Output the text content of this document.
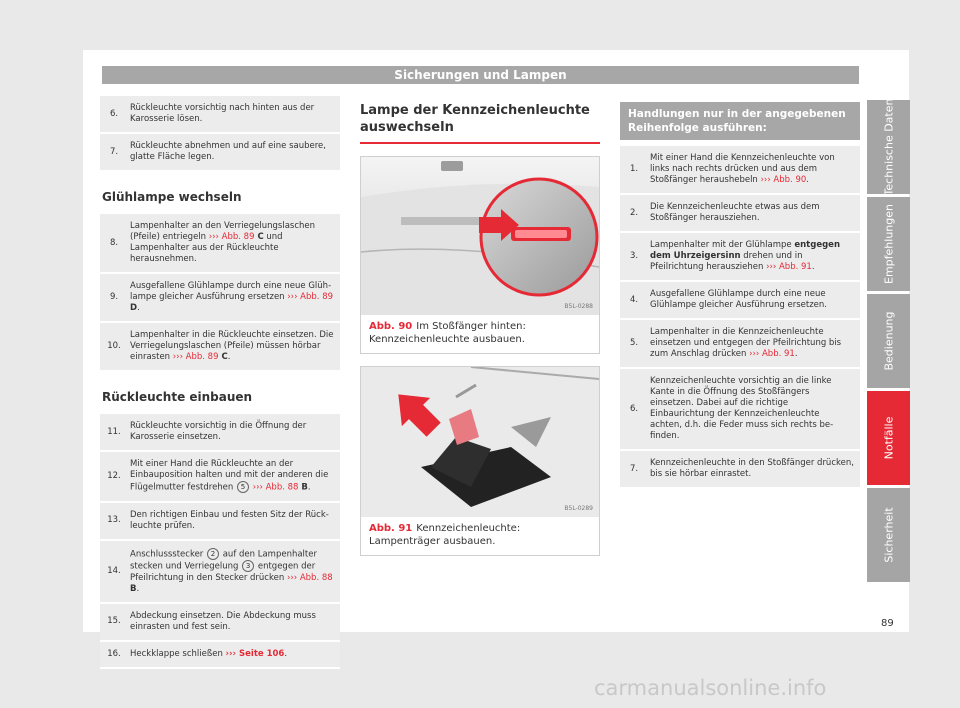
Sicherungen und Lampen
6.	Rückleuchte vorsichtig nach hinten aus der Karosserie lösen.
7.	Rückleuchte abnehmen und auf eine saubere, glatte Fläche legen.
Glühlampe wechseln
8.	Lampenhalter an den Verriegelungslaschen (Pfeile) entriegeln ››› Abb. 89 C und Lampenhalter aus der Rückleuchte herausnehmen.
9.	Ausgefallene Glühlampe durch eine neue Glühlampe gleicher Ausführung ersetzen ››› Abb. 89 D.
10.	Lampenhalter in die Rückleuchte einsetzen. Die Verriegelungslaschen (Pfeile) müssen hörbar einrasten ››› Abb. 89 C.
Rückleuchte einbauen
11.	Rückleuchte vorsichtig in die Öffnung der Karosserie einsetzen.
12.	Mit einer Hand die Rückleuchte an der Einbauposition halten und mit der anderen die Flügelmutter festdrehen 5 ››› Abb. 88 B.
13.	Den richtigen Einbau und festen Sitz der Rückleuchte prüfen.
14.	Anschlussstecker 2 auf den Lampenhalter stecken und Verriegelung 3 entgegen der Pfeilrichtung in den Stecker drücken ››› Abb. 88 B.
15.	Abdeckung einsetzen. Die Abdeckung muss einrasten und fest sein.
16.	Heckklappe schließen ››› Seite 106.
Lampe der Kennzeichenleuchte auswechseln
B5L-0288
Abb. 90 Im Stoßfänger hinten: Kennzeichenleuchte ausbauen.
B5L-0289
Abb. 91 Kennzeichenleuchte: Lampenträger ausbauen.
Handlungen nur in der angegebenen Reihenfolge ausführen:
1.	Mit einer Hand die Kennzeichenleuchte von links nach rechts drücken und aus dem Stoßfänger heraushebeln ››› Abb. 90.
2.	Die Kennzeichenleuchte etwas aus dem Stoßfänger herausziehen.
3.	Lampenhalter mit der Glühlampe entgegen dem Uhrzeigersinn drehen und in Pfeilrichtung herausziehen ››› Abb. 91.
4.	Ausgefallene Glühlampe durch eine neue Glühlampe gleicher Ausführung ersetzen.
5.	Lampenhalter in die Kennzeichenleuchte einsetzen und entgegen der Pfeilrichtung bis zum Anschlag drücken ››› Abb. 91.
6.	Kennzeichenleuchte vorsichtig an die linke Kante in die Öffnung des Stoßfängers einsetzen. Dabei auf die richtige Einbaurichtung der Kennzeichenleuchte achten, d.h. die Feder muss sich rechts befinden.
7.	Kennzeichenleuchte in den Stoßfänger drücken, bis sie hörbar einrastet.
Technische Daten
Empfehlungen
Bedienung
Notfälle
Sicherheit
89
carmanualsonline.info
